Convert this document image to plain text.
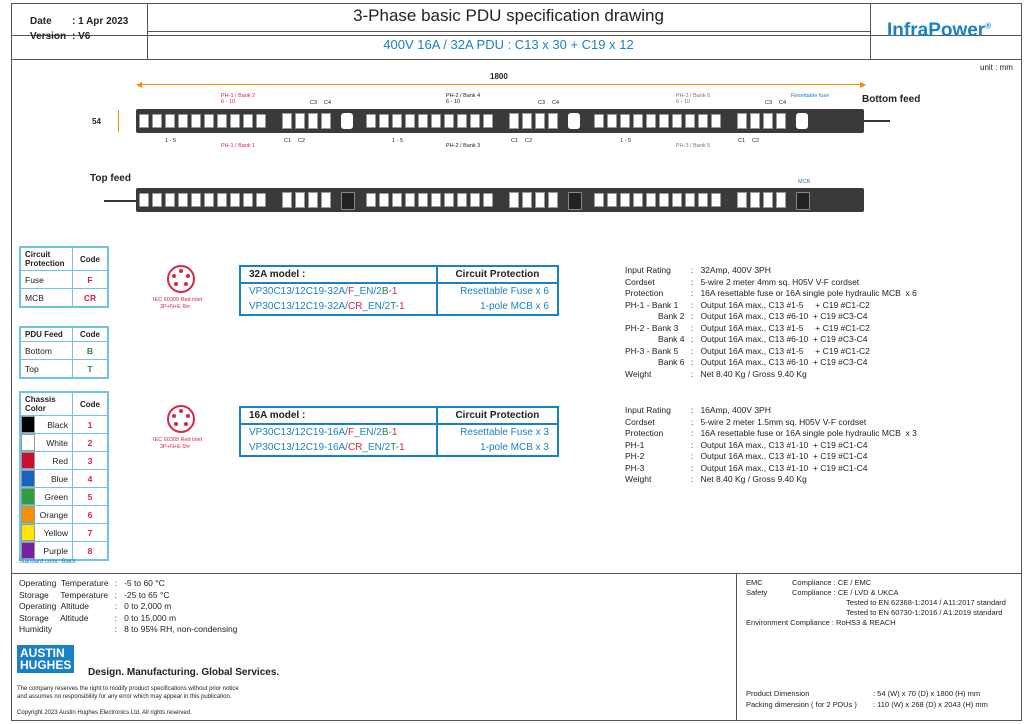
Date : 1 Apr 2023
Version : V6
3-Phase basic PDU specification drawing
400V 16A / 32A PDU : C13 x 30 + C19 x 12
InfraPower®
unit : mm
◀	▶
1800
54
PH-1 / Bank 2
6 - 10
PH-2 / Bank 4
6 - 10
PH-3 / Bank 6
6 - 10
Resettable fuse
C3 C4	C3 C4	C3 C4	Bottom feed
1 - 5
PH-1 / Bank 1
C1 C2	1 - 5
PH-2 / Bank 3
C1 C2	1 - 5
PH-3 / Bank 5
C1 C2
Top feed	MCB
Circuit Protection	Code
Fuse	F
MCB	CR
PDU Feed	Code
Bottom	B
Top	T
Chassis Color	Code

Black	1

White	2

Red	3

Blue	4

Green	5

Orange	6

Yellow	7

Purple	8
Standard color: Black
IEC 60309 Red inlet
3P+N+E 6hr
IEC 60309 Red inlet
3P+N+E 6hr
32A model :	Circuit Protection
VP30C13/12C19-32A/F_EN/2B-1	Resettable Fuse x 6
VP30C13/12C19-32A/CR_EN/2T-1	1-pole MCB x 6
16A model :	Circuit Protection
VP30C13/12C19-16A/F_EN/2B-1	Resettable Fuse x 3
VP30C13/12C19-16A/CR_EN/2T-1	1-pole MCB x 3
Input Rating	:   32Amp, 400V 3PH
Cordset	:   5-wire 2 meter 4mm sq. H05V V-F cordset
Protection	:   16A resettable fuse or 16A single pole hydraulic MCB  x 6
PH-1 - Bank 1	:   Output 16A max., C13 #1-5     + C19 #C1-C2
Bank 2	:   Output 16A max., C13 #6-10  + C19 #C3-C4
PH-2 - Bank 3	:   Output 16A max., C13 #1-5     + C19 #C1-C2
Bank 4	:   Output 16A max., C13 #6-10  + C19 #C3-C4
PH-3 - Bank 5	:   Output 16A max., C13 #1-5     + C19 #C1-C2
Bank 6	:   Output 16A max., C13 #6-10  + C19 #C3-C4
Weight	:   Net 8.40 Kg / Gross 9.40 Kg
Input Rating	:   16Amp, 400V 3PH
Cordset	:   5-wire 2 meter 1.5mm sq. H05V V-F cordset
Protection	:   16A resettable fuse or 16A single pole hydraulic MCB  x 3
PH-1	:   Output 16A max., C13 #1-10  + C19 #C1-C4
PH-2	:   Output 16A max., C13 #1-10  + C19 #C1-C4
PH-3	:   Output 16A max., C13 #1-10  + C19 #C1-C4
Weight	:   Net 8.40 Kg / Gross 9.40 Kg
Operating  Temperature	:   -5 to 60 °C
Storage     Temperature	:   -25 to 65 °C
Operating  Altitude	:   0 to 2,000 m
Storage     Altitude	:   0 to 15,000 m
Humidity	:   8 to 95% RH, non-condensing
AUSTIN
HUGHES
Design. Manufacturing. Global Services.
The company reserves the right to modify product specifications without prior notice
and assumes no responsibility for any error which may appear in this publication.
Copyright 2023 Austin Hughes Electronics Ltd. All rights reserved.
EMC	Compliance : CE / EMC
Safety	Compliance : CE / LVD & UKCA
Tested to EN 62368-1:2014 / A11:2017 standard
Tested to EN 60730-1:2016 / A1:2019 standard
Environment Compliance : RoHS3 & REACH
Product Dimension	: 54 (W) x 70 (D) x 1800 (H) mm
Packing dimension ( for 2 PDUs ) : 110 (W) x 268 (D) x 2043 (H) mm
